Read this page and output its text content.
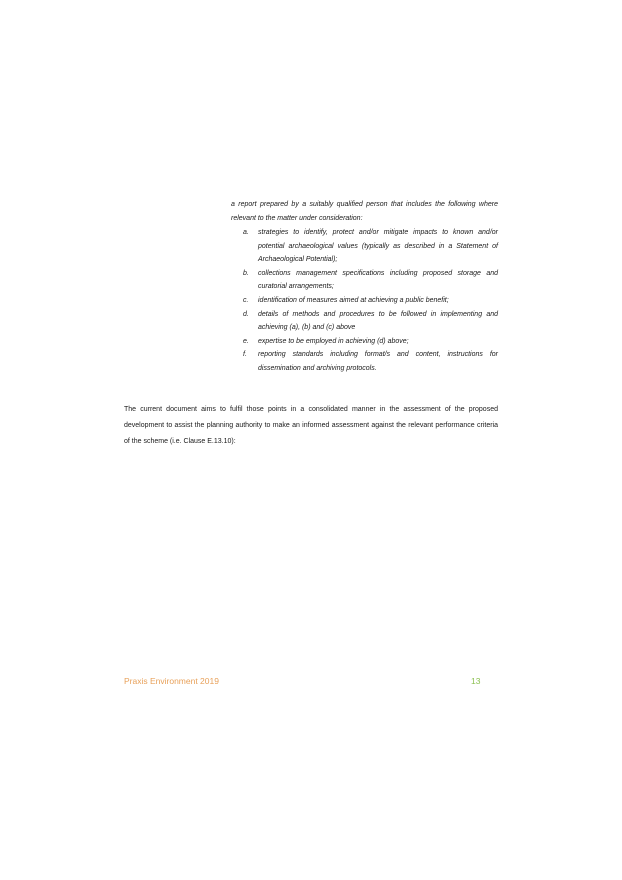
a report prepared by a suitably qualified person that includes the following where relevant to the matter under consideration:
a. strategies to identify, protect and/or mitigate impacts to known and/or potential archaeological values (typically as described in a Statement of Archaeological Potential);
b. collections management specifications including proposed storage and curatorial arrangements;
c. identification of measures aimed at achieving a public benefit;
d. details of methods and procedures to be followed in implementing and achieving (a), (b) and (c) above
e. expertise to be employed in achieving (d) above;
f. reporting standards including format/s and content, instructions for dissemination and archiving protocols.

The current document aims to fulfil those points in a consolidated manner in the assessment of the proposed development to assist the planning authority to make an informed assessment against the relevant performance criteria of the scheme (i.e. Clause E.13.10):

Praxis Environment 2019	13
